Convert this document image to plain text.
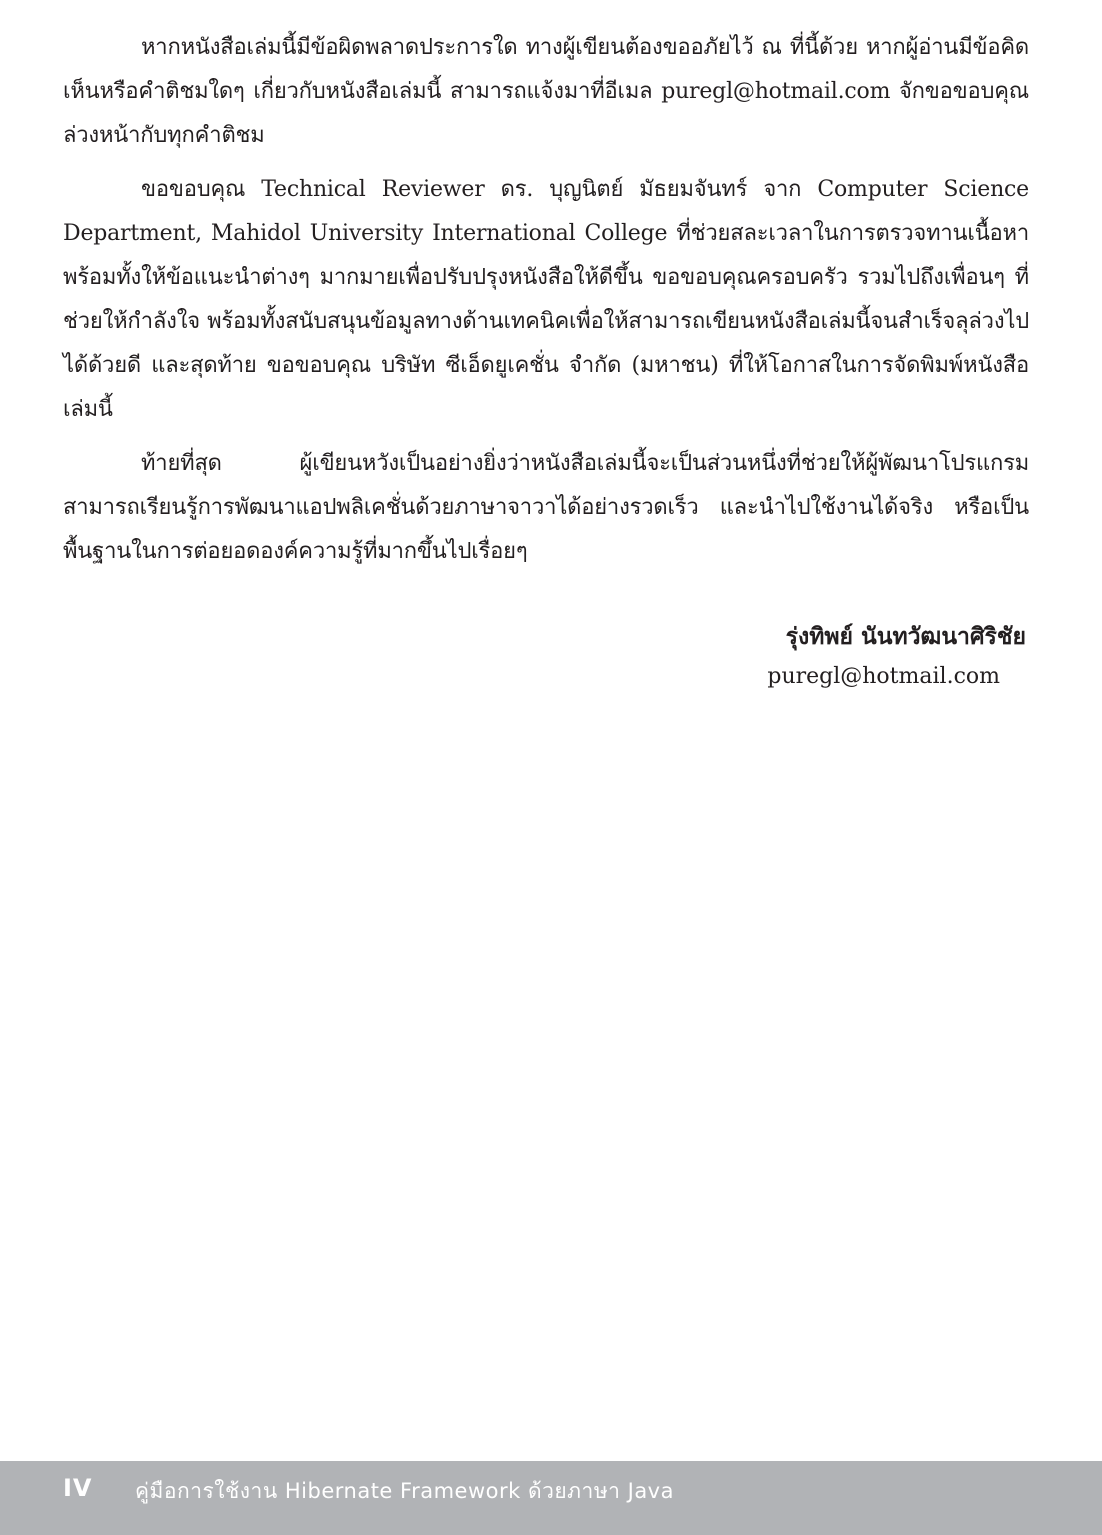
หากหนังสือเล่มนี้มีข้อผิดพลาดประการใด ทางผู้เขียนต้องขออภัยไว้ ณ ที่นี้ด้วย หากผู้อ่านมีข้อคิดเห็นหรือคำติชมใดๆ เกี่ยวกับหนังสือเล่มนี้ สามารถแจ้งมาที่อีเมล puregl@hotmail.com จักขอขอบคุณล่วงหน้ากับทุกคำติชม

ขอขอบคุณ Technical Reviewer ดร. บุญนิตย์ มัธยมจันทร์ จาก Computer Science Department, Mahidol University International College ที่ช่วยสละเวลาในการตรวจทานเนื้อหา พร้อมทั้งให้ข้อแนะนำต่างๆ มากมายเพื่อปรับปรุงหนังสือให้ดีขึ้น ขอขอบคุณครอบครัว รวมไปถึงเพื่อนๆ ที่ช่วยให้กำลังใจ พร้อมทั้งสนับสนุนข้อมูลทางด้านเทคนิคเพื่อให้สามารถเขียนหนังสือเล่มนี้จนสำเร็จลุล่วงไปได้ด้วยดี และสุดท้าย ขอขอบคุณ บริษัท ซีเอ็ดยูเคชั่น จำกัด (มหาชน) ที่ให้โอกาสในการจัดพิมพ์หนังสือเล่มนี้

ท้ายที่สุด ผู้เขียนหวังเป็นอย่างยิ่งว่าหนังสือเล่มนี้จะเป็นส่วนหนึ่งที่ช่วยให้ผู้พัฒนาโปรแกรมสามารถเรียนรู้การพัฒนาแอปพลิเคชั่นด้วยภาษาจาวาได้อย่างรวดเร็ว และนำไปใช้งานได้จริง หรือเป็นพื้นฐานในการต่อยอดองค์ความรู้ที่มากขึ้นไปเรื่อยๆ

รุ่งทิพย์ นันทวัฒนาศิริชัย

puregl@hotmail.com

IV คู่มือการใช้งาน Hibernate Framework ด้วยภาษา Java
